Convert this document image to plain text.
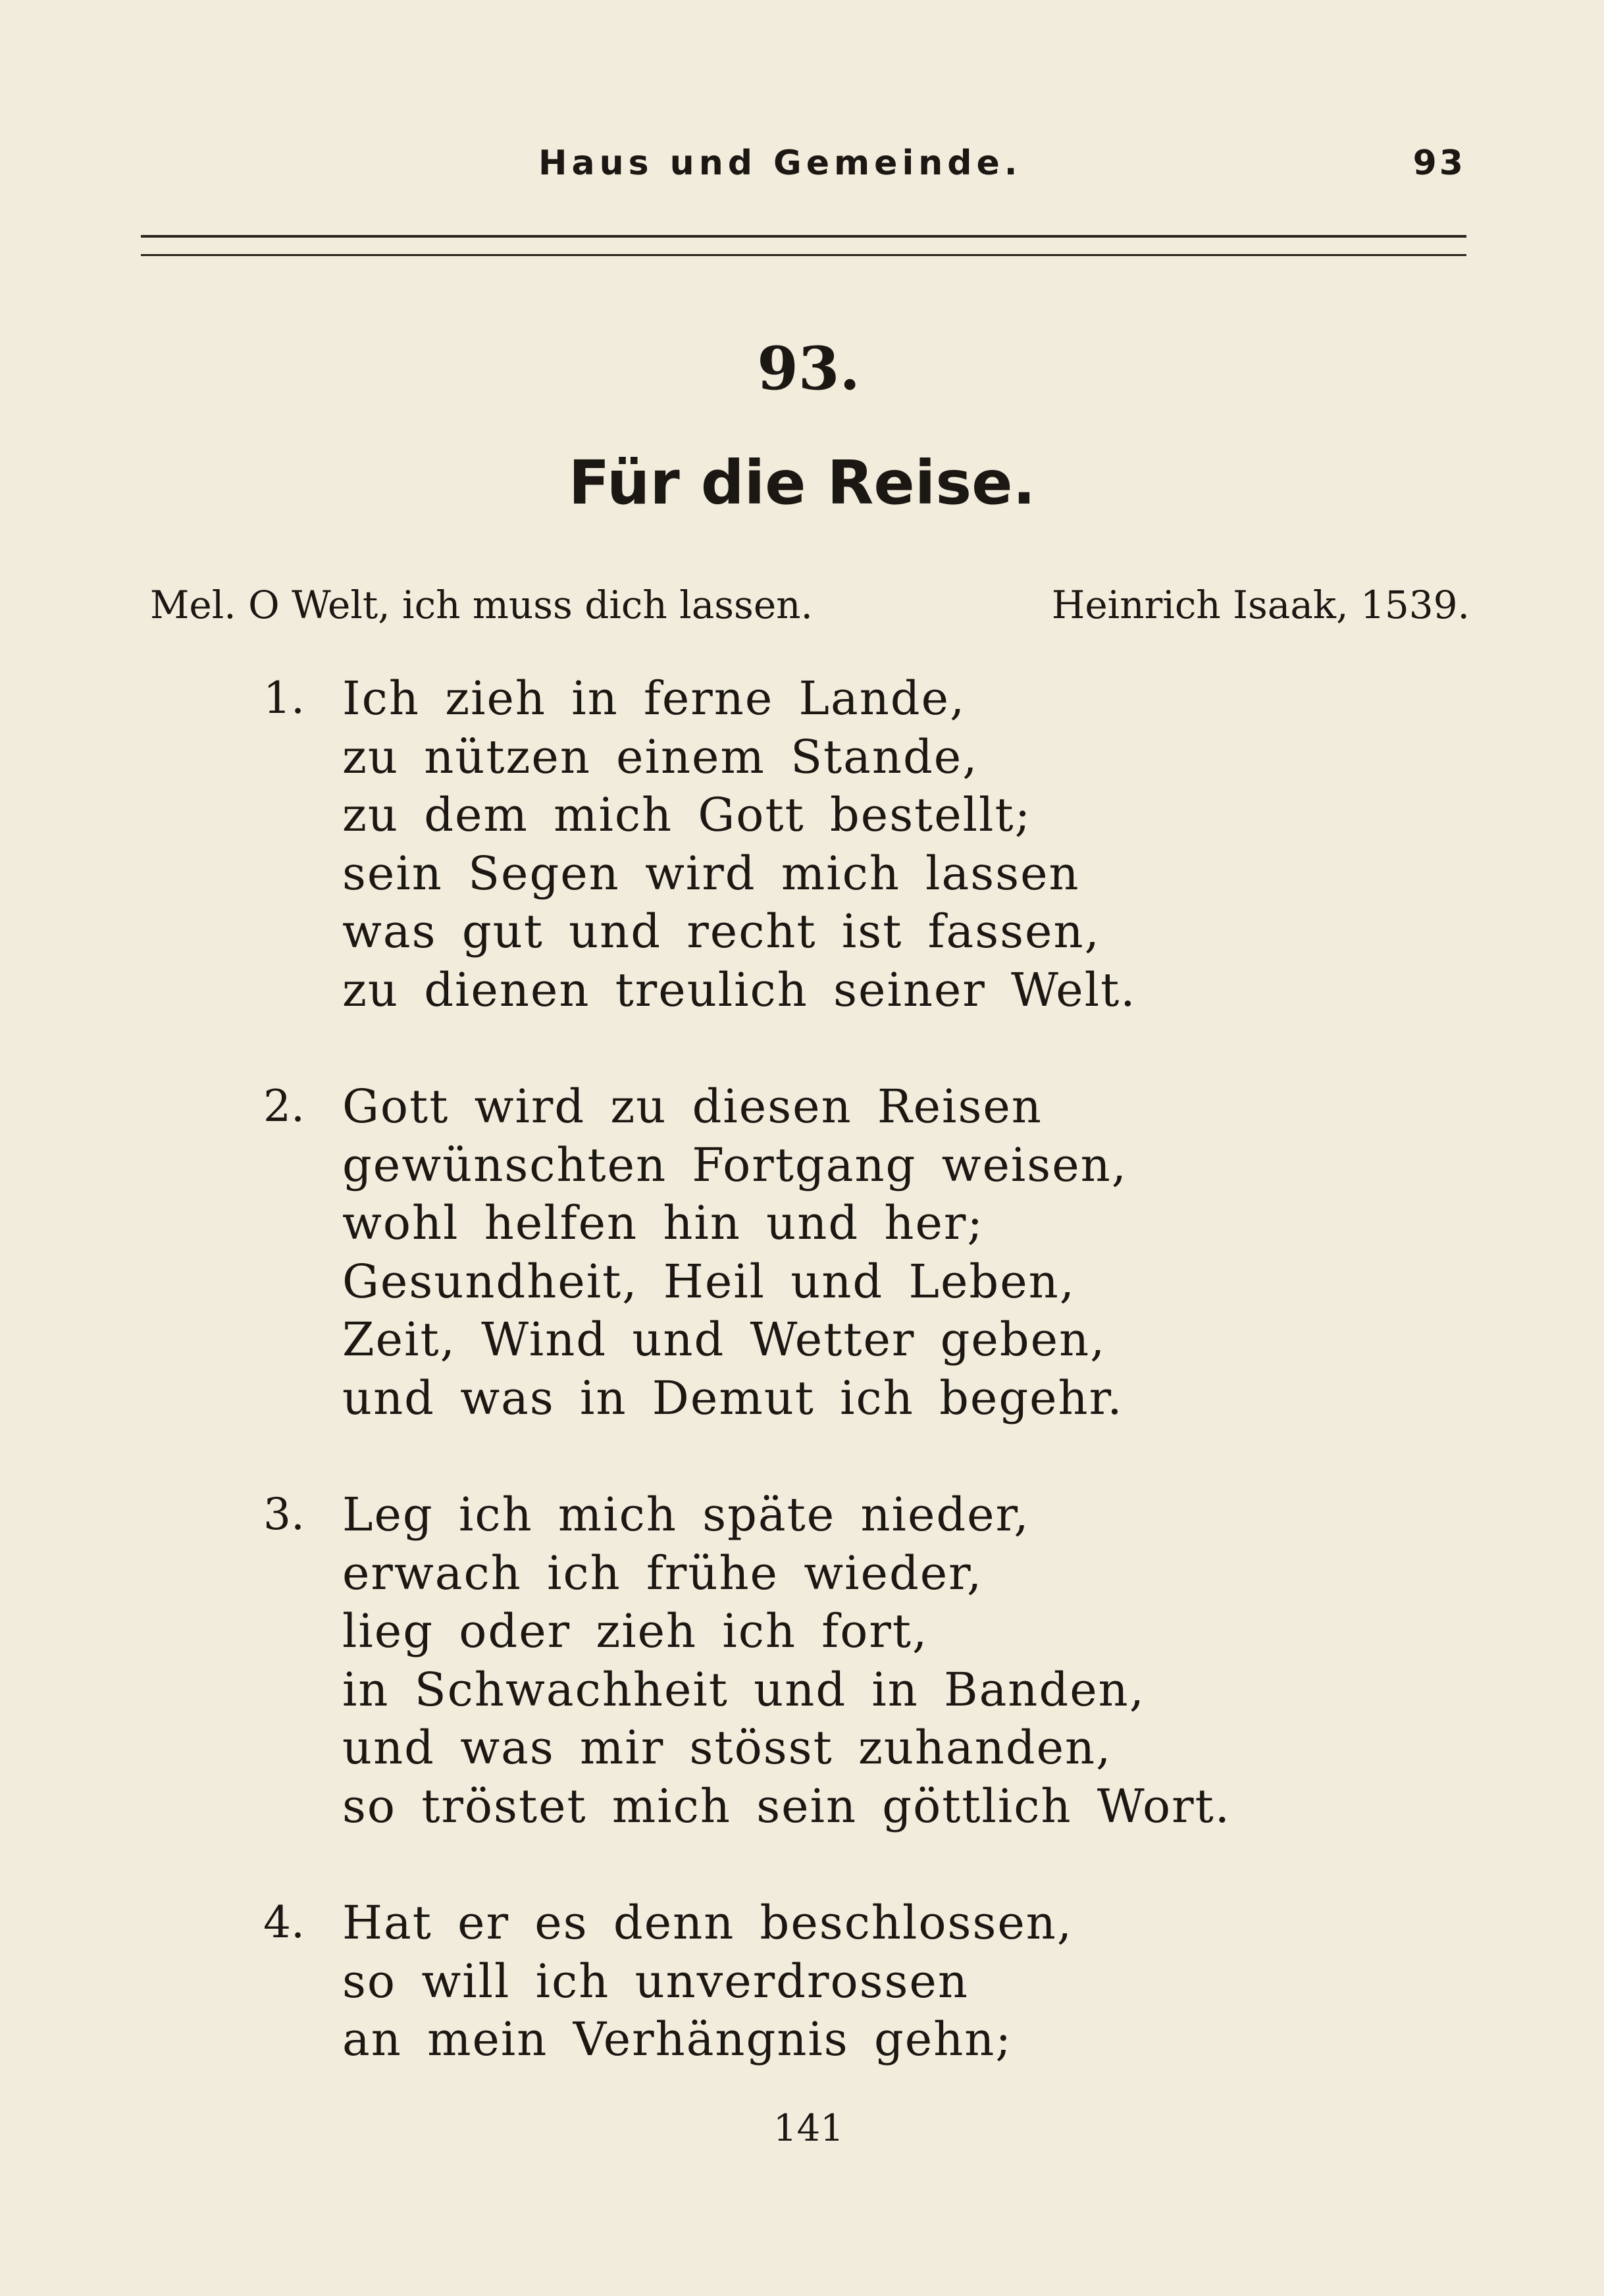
Haus und Gemeinde.	93
93.
Für die Reise.
Mel. O Welt, ich muss dich lassen.	Heinrich Isaak, 1539.
1. Ich zieh in ferne Lande,
zu nützen einem Stande,
zu dem mich Gott bestellt;
sein Segen wird mich lassen
was gut und recht ist fassen,
zu dienen treulich seiner Welt.
2. Gott wird zu diesen Reisen
gewünschten Fortgang weisen,
wohl helfen hin und her;
Gesundheit, Heil und Leben,
Zeit, Wind und Wetter geben,
und was in Demut ich begehr.
3. Leg ich mich späte nieder,
erwach ich frühe wieder,
lieg oder zieh ich fort,
in Schwachheit und in Banden,
und was mir stösst zuhanden,
so tröstet mich sein göttlich Wort.
4. Hat er es denn beschlossen,
so will ich unverdrossen
an mein Verhängnis gehn;
141
